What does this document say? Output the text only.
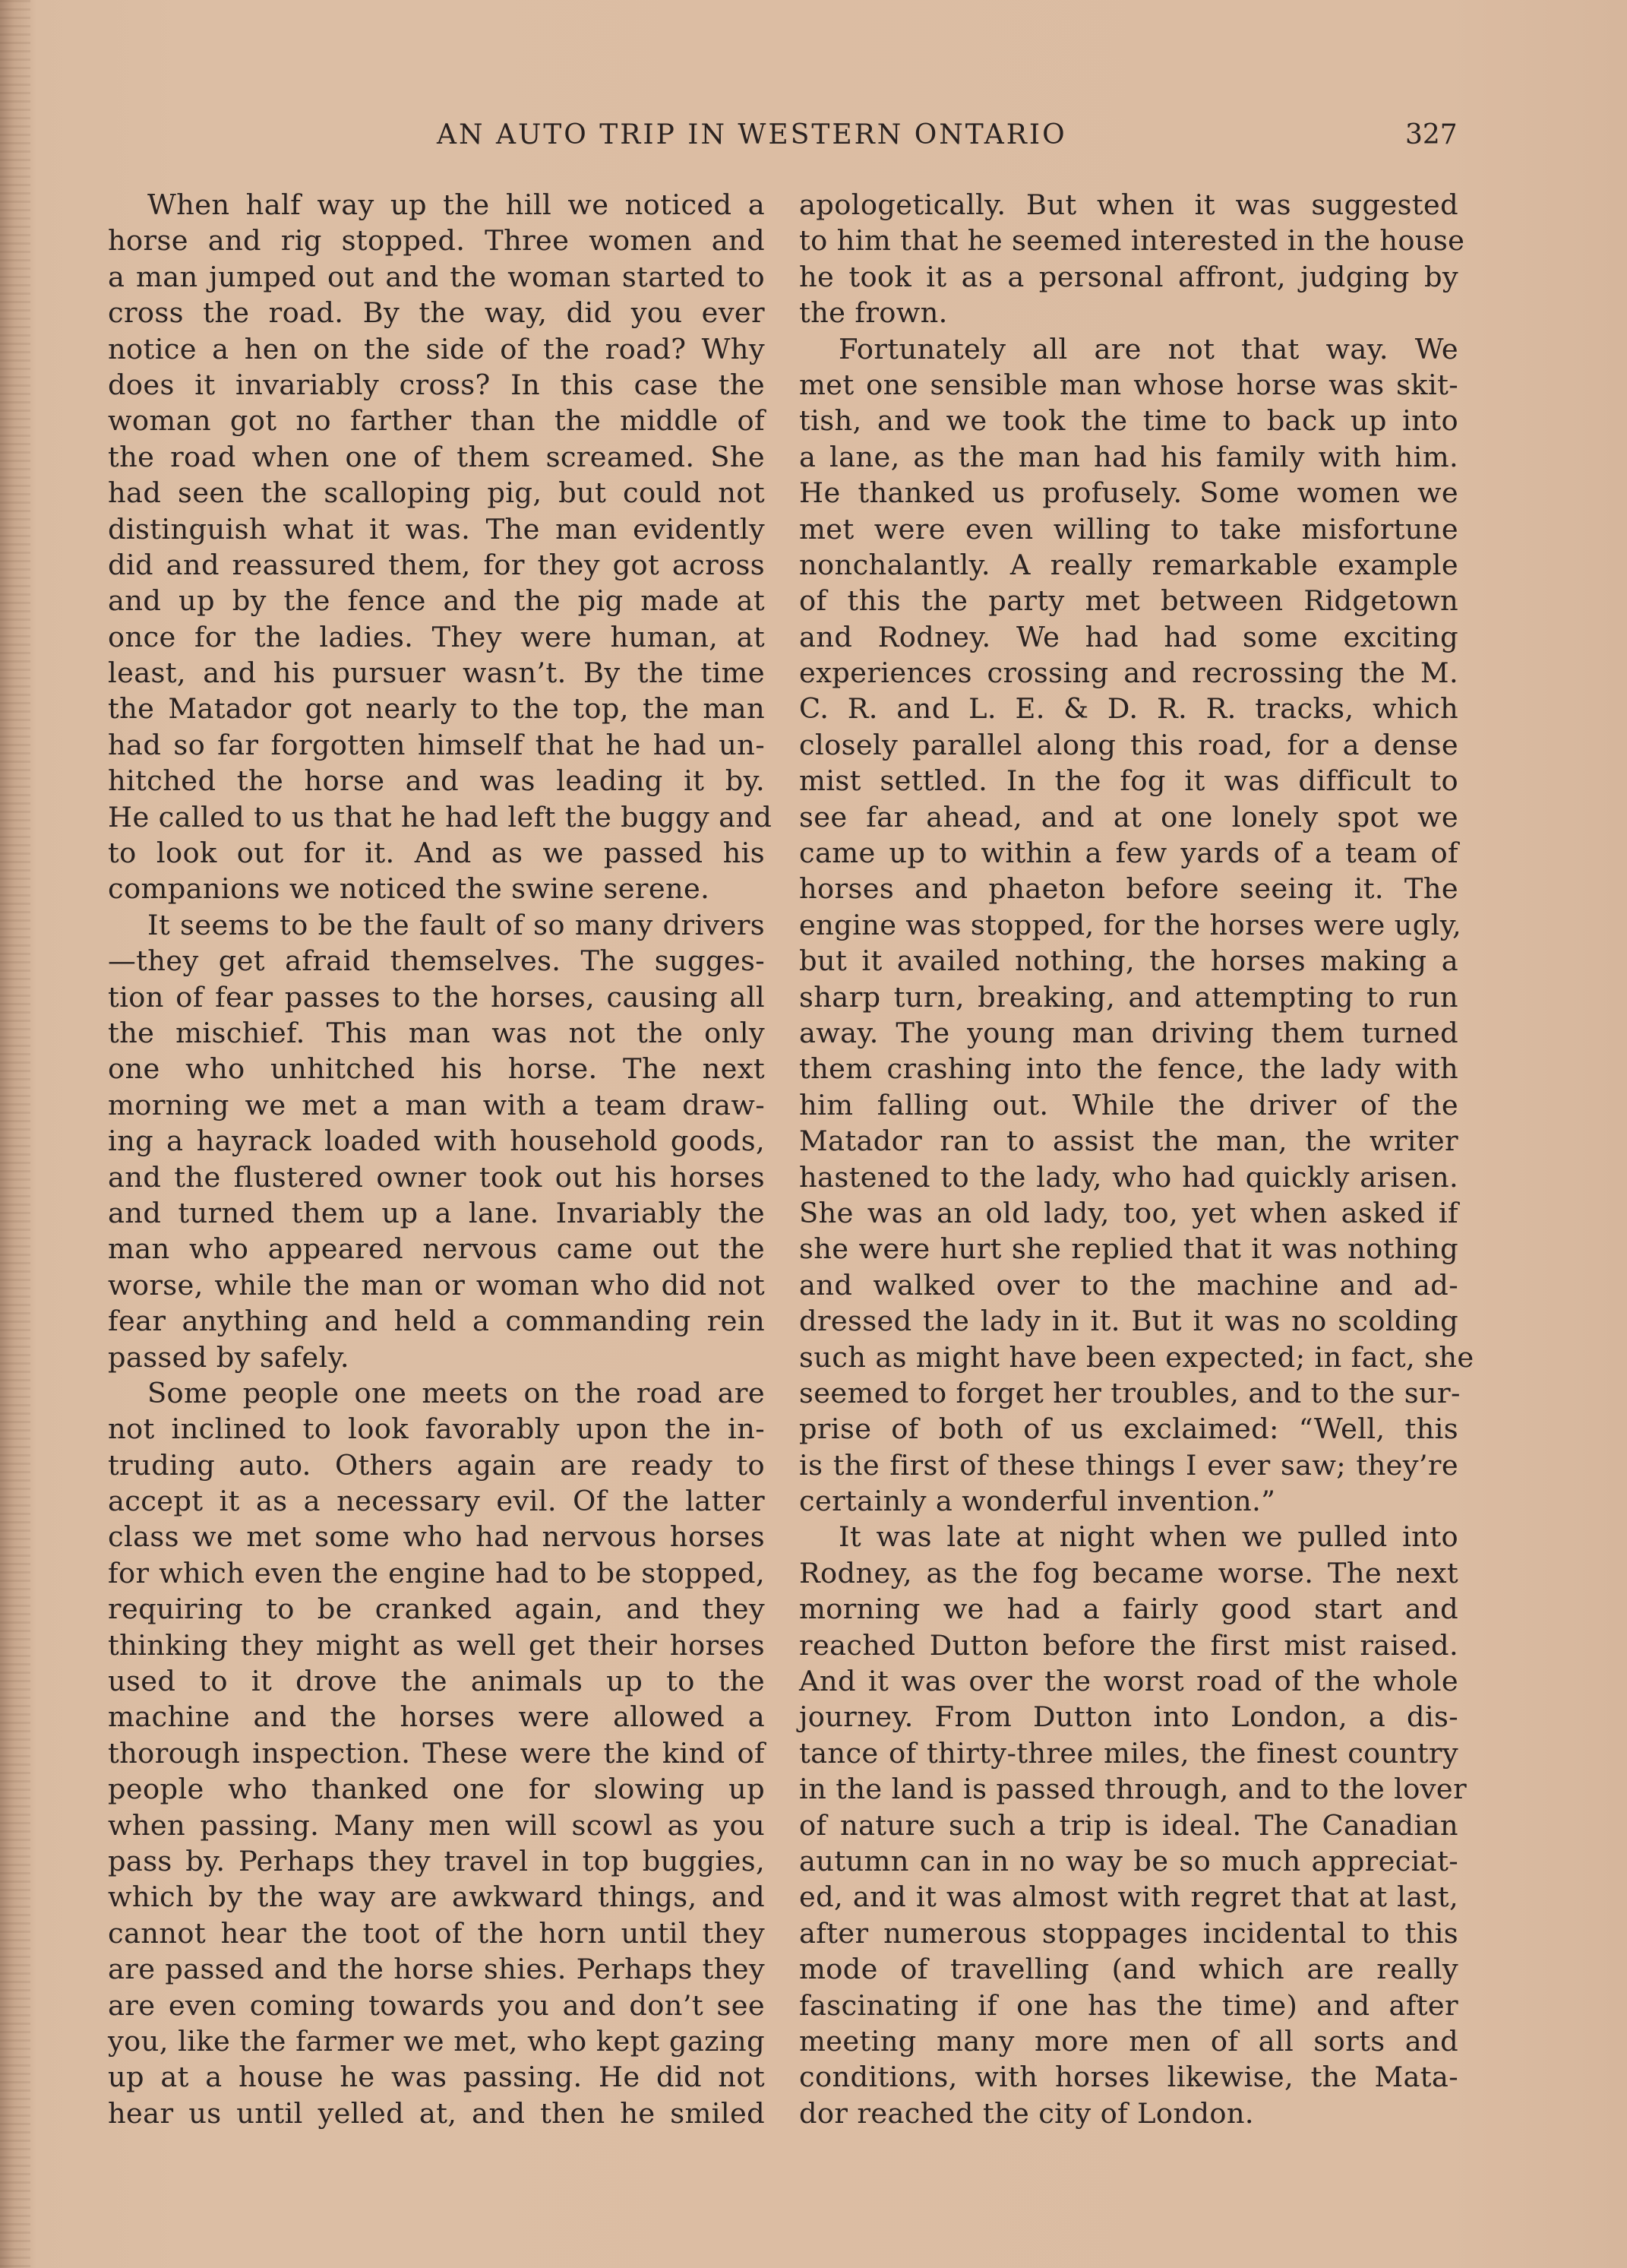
AN AUTO TRIP IN WESTERN ONTARIO	327
When half way up the hill we noticed a
horse and rig stopped. Three women and
a man jumped out and the woman started to
cross the road. By the way, did you ever
notice a hen on the side of the road? Why
does it invariably cross? In this case the
woman got no farther than the middle of
the road when one of them screamed. She
had seen the scalloping pig, but could not
distinguish what it was. The man evidently
did and reassured them, for they got across
and up by the fence and the pig made at
once for the ladies. They were human, at
least, and his pursuer wasn’t. By the time
the Matador got nearly to the top, the man
had so far forgotten himself that he had un-
hitched the horse and was leading it by.
He called to us that he had left the buggy and
to look out for it. And as we passed his
companions we noticed the swine serene.
It seems to be the fault of so many drivers
—they get afraid themselves. The sugges-
tion of fear passes to the horses, causing all
the mischief. This man was not the only
one who unhitched his horse. The next
morning we met a man with a team draw-
ing a hayrack loaded with household goods,
and the flustered owner took out his horses
and turned them up a lane. Invariably the
man who appeared nervous came out the
worse, while the man or woman who did not
fear anything and held a commanding rein
passed by safely.
Some people one meets on the road are
not inclined to look favorably upon the in-
truding auto. Others again are ready to
accept it as a necessary evil. Of the latter
class we met some who had nervous horses
for which even the engine had to be stopped,
requiring to be cranked again, and they
thinking they might as well get their horses
used to it drove the animals up to the
machine and the horses were allowed a
thorough inspection. These were the kind of
people who thanked one for slowing up
when passing. Many men will scowl as you
pass by. Perhaps they travel in top buggies,
which by the way are awkward things, and
cannot hear the toot of the horn until they
are passed and the horse shies. Perhaps they
are even coming towards you and don’t see
you, like the farmer we met, who kept gazing
up at a house he was passing. He did not
hear us until yelled at, and then he smiled
apologetically. But when it was suggested
to him that he seemed interested in the house
he took it as a personal affront, judging by
the frown.
Fortunately all are not that way. We
met one sensible man whose horse was skit-
tish, and we took the time to back up into
a lane, as the man had his family with him.
He thanked us profusely. Some women we
met were even willing to take misfortune
nonchalantly. A really remarkable example
of this the party met between Ridgetown
and Rodney. We had had some exciting
experiences crossing and recrossing the M.
C. R. and L. E. & D. R. R. tracks, which
closely parallel along this road, for a dense
mist settled. In the fog it was difficult to
see far ahead, and at one lonely spot we
came up to within a few yards of a team of
horses and phaeton before seeing it. The
engine was stopped, for the horses were ugly,
but it availed nothing, the horses making a
sharp turn, breaking, and attempting to run
away. The young man driving them turned
them crashing into the fence, the lady with
him falling out. While the driver of the
Matador ran to assist the man, the writer
hastened to the lady, who had quickly arisen.
She was an old lady, too, yet when asked if
she were hurt she replied that it was nothing
and walked over to the machine and ad-
dressed the lady in it. But it was no scolding
such as might have been expected; in fact, she
seemed to forget her troubles, and to the sur-
prise of both of us exclaimed: “Well, this
is the first of these things I ever saw; they’re
certainly a wonderful invention.”
It was late at night when we pulled into
Rodney, as the fog became worse. The next
morning we had a fairly good start and
reached Dutton before the first mist raised.
And it was over the worst road of the whole
journey. From Dutton into London, a dis-
tance of thirty-three miles, the finest country
in the land is passed through, and to the lover
of nature such a trip is ideal. The Canadian
autumn can in no way be so much appreciat-
ed, and it was almost with regret that at last,
after numerous stoppages incidental to this
mode of travelling (and which are really
fascinating if one has the time) and after
meeting many more men of all sorts and
conditions, with horses likewise, the Mata-
dor reached the city of London.
